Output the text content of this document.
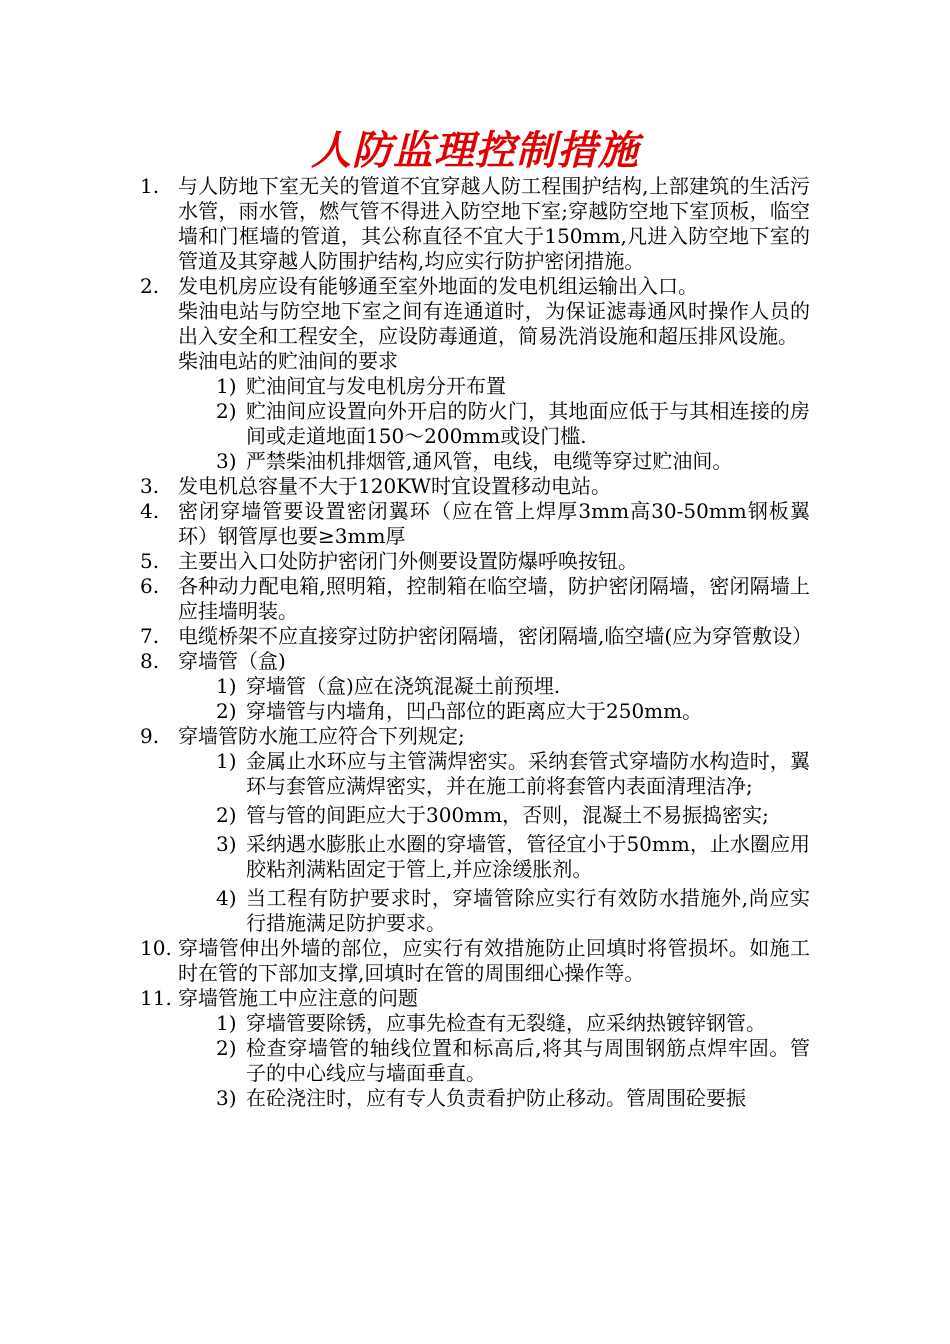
人防监理控制措施
1. 与人防地下室无关的管道不宜穿越人防工程围护结构,上部建筑的生活污水管，雨水管，燃气管不得进入防空地下室;穿越防空地下室顶板，临空墙和门框墙的管道，其公称直径不宜大于150mm,凡进入防空地下室的管道及其穿越人防围护结构,均应实行防护密闭措施。
2. 发电机房应设有能够通至室外地面的发电机组运输出入口。
柴油电站与防空地下室之间有连通道时，为保证滤毒通风时操作人员的出入安全和工程安全，应设防毒通道，简易洗消设施和超压排风设施。
柴油电站的贮油间的要求
1) 贮油间宜与发电机房分开布置
2) 贮油间应设置向外开启的防火门，其地面应低于与其相连接的房间或走道地面150～200mm或设门槛.
3) 严禁柴油机排烟管,通风管，电线，电缆等穿过贮油间。
3. 发电机总容量不大于120KW时宜设置移动电站。
4. 密闭穿墙管要设置密闭翼环（应在管上焊厚3mm高30-50mm钢板翼环）钢管厚也要≥3mm厚
5. 主要出入口处防护密闭门外侧要设置防爆呼唤按钮。
6. 各种动力配电箱,照明箱，控制箱在临空墙，防护密闭隔墙，密闭隔墙上应挂墙明装。
7. 电缆桥架不应直接穿过防护密闭隔墙，密闭隔墙,临空墙(应为穿管敷设）
8. 穿墙管（盒)
1) 穿墙管（盒)应在浇筑混凝土前预埋.
2) 穿墙管与内墙角，凹凸部位的距离应大于250mm。
9. 穿墙管防水施工应符合下列规定;
1) 金属止水环应与主管满焊密实。采纳套管式穿墙防水构造时，翼环与套管应满焊密实，并在施工前将套管内表面清理洁净;
2) 管与管的间距应大于300mm，否则，混凝土不易振捣密实;
3) 采纳遇水膨胀止水圈的穿墙管，管径宜小于50mm，止水圈应用胶粘剂满粘固定于管上,并应涂缓胀剂。
4) 当工程有防护要求时，穿墙管除应实行有效防水措施外,尚应实行措施满足防护要求。
10. 穿墙管伸出外墙的部位，应实行有效措施防止回填时将管损坏。如施工时在管的下部加支撑,回填时在管的周围细心操作等。
11. 穿墙管施工中应注意的问题
1) 穿墙管要除锈，应事先检查有无裂缝，应采纳热镀锌钢管。
2) 检查穿墙管的轴线位置和标高后,将其与周围钢筋点焊牢固。管子的中心线应与墙面垂直。
3) 在砼浇注时，应有专人负责看护防止移动。管周围砼要振
